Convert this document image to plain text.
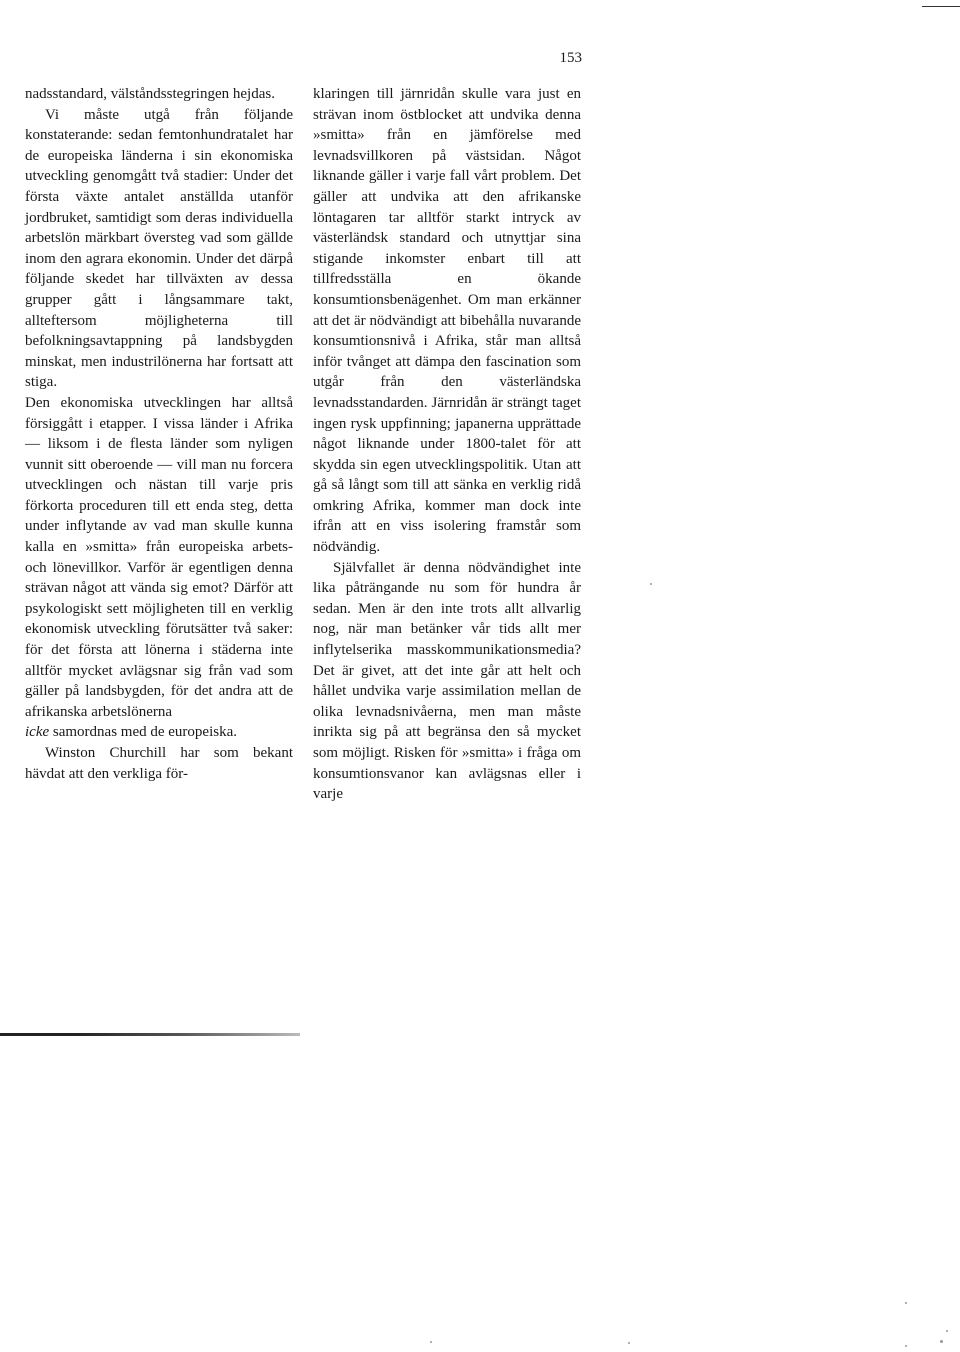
153

nadsstandard, välståndsstegringen hejdas.

Vi måste utgå från följande konstaterande: sedan femtonhundratalet har de europeiska länderna i sin ekonomiska utveckling genomgått två stadier: Under det första växte antalet anställda utanför jordbruket, samtidigt som deras individuella arbetslön märkbart översteg vad som gällde inom den agrara ekonomin. Under det därpå följande skedet har tillväxten av dessa grupper gått i långsammare takt, allteftersom möjligheterna till befolkningsavtappning på landsbygden minskat, men industrilönerna har fortsatt att stiga.

Den ekonomiska utvecklingen har alltså försiggått i etapper. I vissa länder i Afrika — liksom i de flesta länder som nyligen vunnit sitt oberoende — vill man nu forcera utvecklingen och nästan till varje pris förkorta proceduren till ett enda steg, detta under inflytande av vad man skulle kunna kalla en »smitta» från europeiska arbets- och lönevillkor. Varför är egentligen denna strävan något att vända sig emot? Därför att psykologiskt sett möjligheten till en verklig ekonomisk utveckling förutsätter två saker: för det första att lönerna i städerna inte alltför mycket avlägsnar sig från vad som gäller på landsbygden, för det andra att de afrikanska arbetslönerna

icke samordnas med de europeiska.

Winston Churchill har som bekant hävdat att den verkliga för-

klaringen till järnridån skulle vara just en strävan inom östblocket att undvika denna »smitta» från en jämförelse med levnadsvillkoren på västsidan. Något liknande gäller i varje fall vårt problem. Det gäller att undvika att den afrikanske löntagaren tar alltför starkt intryck av västerländsk standard och utnyttjar sina stigande inkomster enbart till att tillfredsställa en ökande konsumtionsbenägenhet. Om man erkänner att det är nödvändigt att bibehålla nuvarande konsumtionsnivå i Afrika, står man alltså inför tvånget att dämpa den fascination som utgår från den västerländska levnadsstandarden. Järnridån är strängt taget ingen rysk uppfinning; japanerna upprättade något liknande under 1800-talet för att skydda sin egen utvecklingspolitik. Utan att gå så långt som till att sänka en verklig ridå omkring Afrika, kommer man dock inte ifrån att en viss isolering framstår som nödvändig.

Självfallet är denna nödvändighet inte lika påträngande nu som för hundra år sedan. Men är den inte trots allt allvarlig nog, när man betänker vår tids allt mer inflytelserika masskommunikationsmedia? Det är givet, att det inte går att helt och hållet undvika varje assimilation mellan de olika levnadsnivåerna, men man måste inrikta sig på att begränsa den så mycket som möjligt. Risken för »smitta» i fråga om konsumtionsvanor kan avlägsnas eller i varje
